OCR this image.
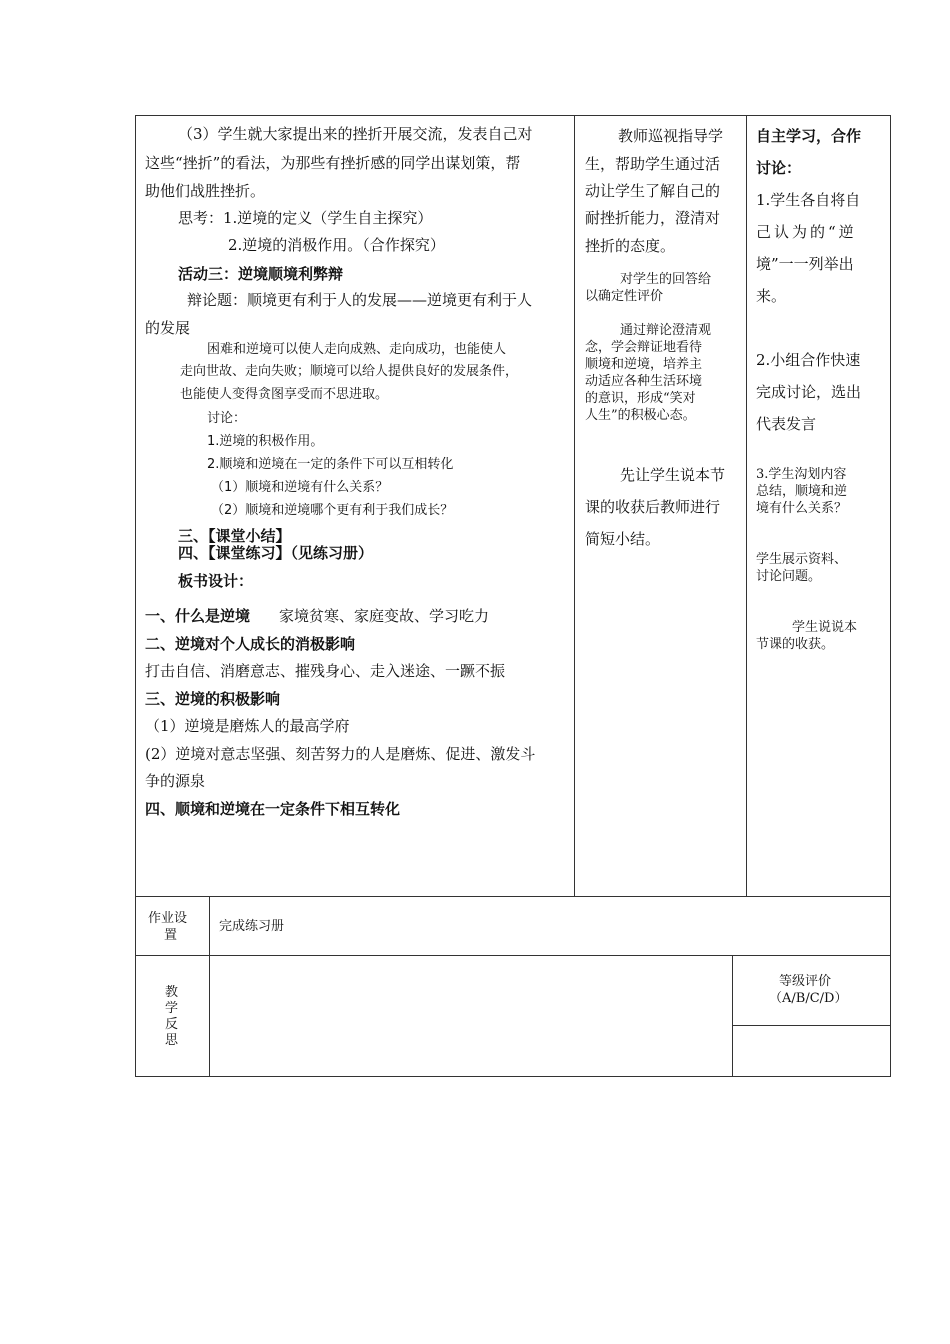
（3）学生就大家提出来的挫折开展交流，发表自己对
这些“挫折”的看法，为那些有挫折感的同学出谋划策，帮
助他们战胜挫折。
思考：1.逆境的定义（学生自主探究）
2.逆境的消极作用。（合作探究）
活动三：逆境顺境利弊辩
辩论题：顺境更有利于人的发展——逆境更有利于人
的发展
困难和逆境可以使人走向成熟、走向成功，也能使人
走向世故、走向失败；顺境可以给人提供良好的发展条件，
也能使人变得贪图享受而不思进取。
讨论：
1.逆境的积极作用。
2.顺境和逆境在一定的条件下可以互相转化
（1）顺境和逆境有什么关系？
（2）顺境和逆境哪个更有利于我们成长？
三、【课堂小结】
四、【课堂练习】（见练习册）
板书设计：
一、什么是逆境 家境贫寒、家庭变故、学习吃力
二、逆境对个人成长的消极影响
打击自信、消磨意志、摧残身心、走入迷途、一蹶不振
三、逆境的积极影响
（1）逆境是磨炼人的最高学府
(2）逆境对意志坚强、刻苦努力的人是磨炼、促进、激发斗
争的源泉
四、顺境和逆境在一定条件下相互转化
教师巡视指导学
生，帮助学生通过活
动让学生了解自己的
耐挫折能力，澄清对
挫折的态度。
对学生的回答给
以确定性评价
通过辩论澄清观
念，学会辩证地看待
顺境和逆境，培养主
动适应各种生活环境
的意识，形成“笑对
人生”的积极心态。
先让学生说本节
课的收获后教师进行
简短小结。
自主学习，合作
讨论：
1.学生各自将自
己认为的“逆
境”一一列举出
来。
2.小组合作快速
完成讨论，选出
代表发言
3.学生沟划内容
总结，顺境和逆
境有什么关系？
学生展示资料、
讨论问题。
学生说说本
节课的收获。
作业设
置
完成练习册
教
学
反
思
等级评价
（A/B/C/D）
